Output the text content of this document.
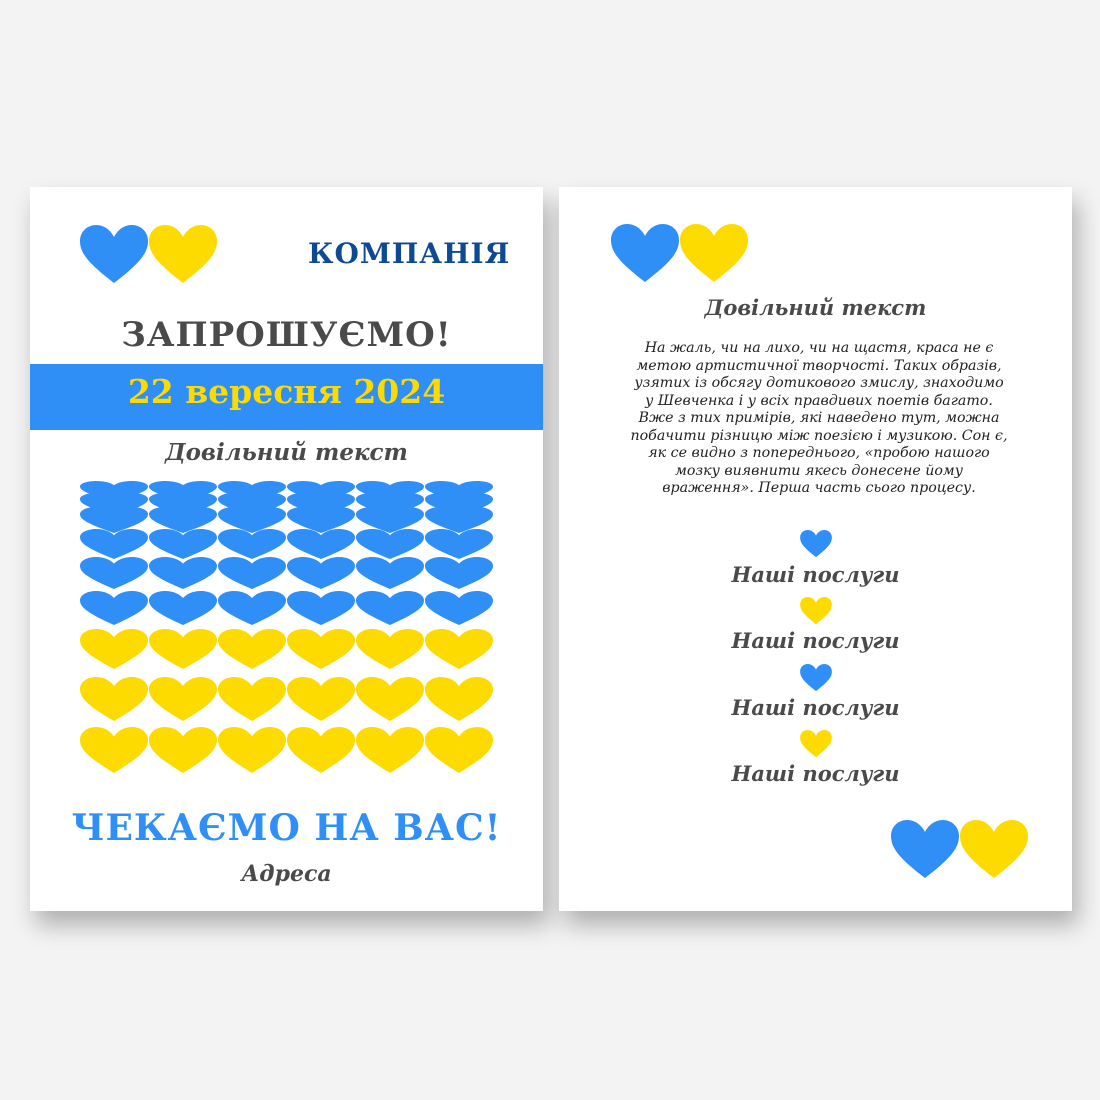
КОМПАНІЯ
ЗАПРОШУЄМО!
22 вересня 2024
Довільний текст
ЧЕКАЄМО НА ВАС!
Адреса
Довільний текст
На жаль, чи на лихо, чи на щастя, краса не є метою артистичної творчості. Таких образів, узятих із обсягу дотикового змислу, знаходимо у Шевченка і у всіх правдивих поетів багато. Вже з тих примірів, які наведено тут, можна побачити різницю між поезією і музикою. Сон є, як се видно з попереднього, «пробою нашого мозку виявнити якесь донесене йому враження». Перша часть сього процесу.
Наші послуги
Наші послуги
Наші послуги
Наші послуги
